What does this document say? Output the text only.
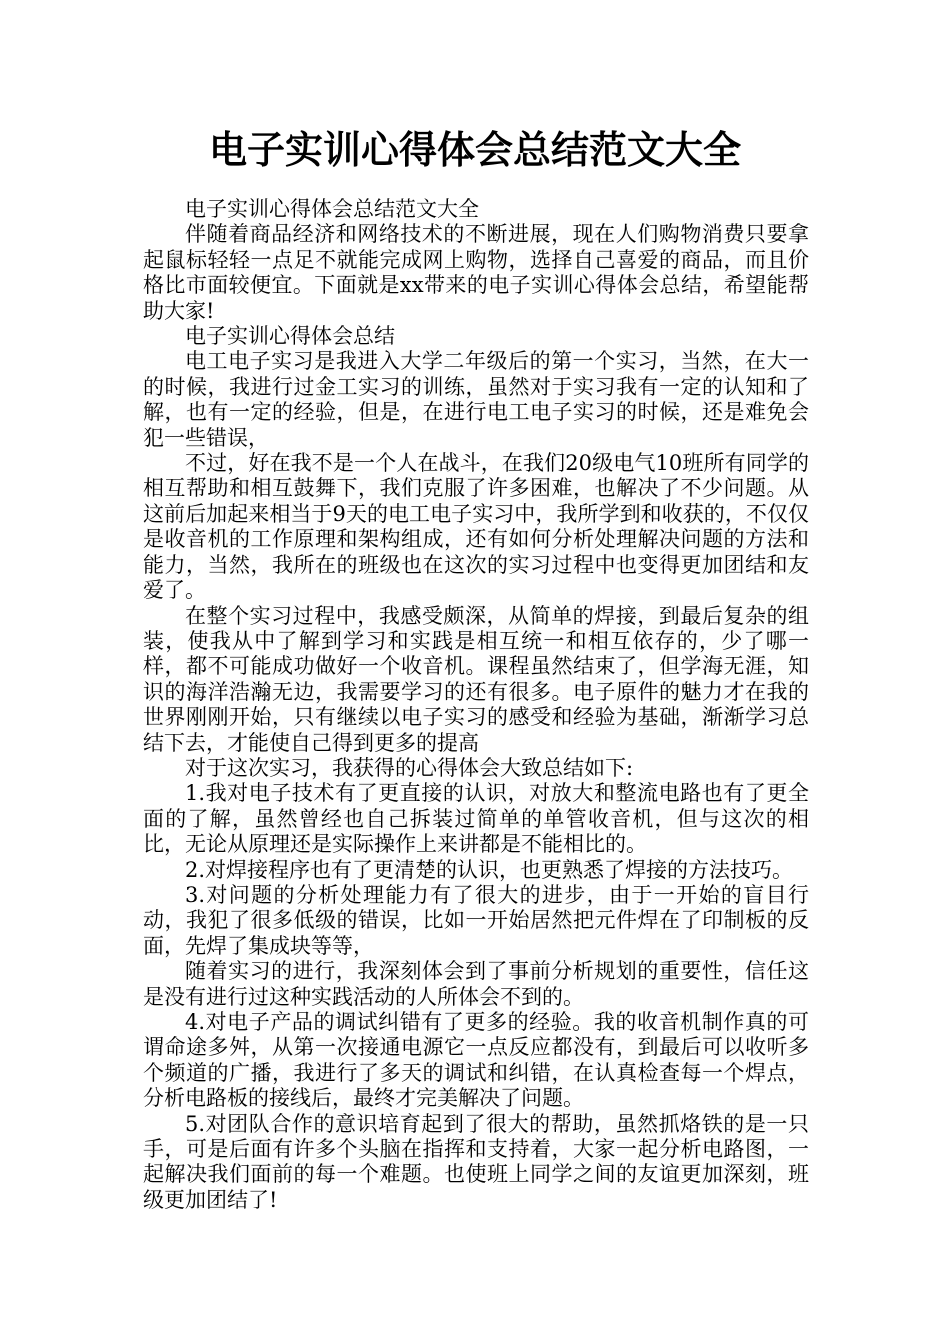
电子实训心得体会总结范文大全

电子实训心得体会总结范文大全

伴随着商品经济和网络技术的不断进展，现在人们购物消费只要拿起鼠标轻轻一点足不就能完成网上购物，选择自己喜爱的商品，而且价格比市面较便宜。下面就是xx带来的电子实训心得体会总结，希望能帮助大家!

电子实训心得体会总结

电工电子实习是我进入大学二年级后的第一个实习，当然，在大一的时候，我进行过金工实习的训练，虽然对于实习我有一定的认知和了解，也有一定的经验，但是，在进行电工电子实习的时候，还是难免会犯一些错误，

不过，好在我不是一个人在战斗，在我们20级电气10班所有同学的相互帮助和相互鼓舞下，我们克服了许多困难，也解决了不少问题。从这前后加起来相当于9天的电工电子实习中，我所学到和收获的，不仅仅是收音机的工作原理和架构组成，还有如何分析处理解决问题的方法和能力，当然，我所在的班级也在这次的实习过程中也变得更加团结和友爱了。

在整个实习过程中，我感受颇深，从简单的焊接，到最后复杂的组装，使我从中了解到学习和实践是相互统一和相互依存的，少了哪一样，都不可能成功做好一个收音机。课程虽然结束了，但学海无涯，知识的海洋浩瀚无边，我需要学习的还有很多。电子原件的魅力才在我的世界刚刚开始，只有继续以电子实习的感受和经验为基础，渐渐学习总结下去，才能使自己得到更多的提高

对于这次实习，我获得的心得体会大致总结如下:

1.我对电子技术有了更直接的认识，对放大和整流电路也有了更全面的了解，虽然曾经也自己拆装过简单的单管收音机，但与这次的相比，无论从原理还是实际操作上来讲都是不能相比的。

2.对焊接程序也有了更清楚的认识，也更熟悉了焊接的方法技巧。

3.对问题的分析处理能力有了很大的进步，由于一开始的盲目行动，我犯了很多低级的错误，比如一开始居然把元件焊在了印制板的反面，先焊了集成块等等，

随着实习的进行，我深刻体会到了事前分析规划的重要性，信任这是没有进行过这种实践活动的人所体会不到的。

4.对电子产品的调试纠错有了更多的经验。我的收音机制作真的可谓命途多舛，从第一次接通电源它一点反应都没有，到最后可以收听多个频道的广播，我进行了多天的调试和纠错，在认真检查每一个焊点，分析电路板的接线后，最终才完美解决了问题。

5.对团队合作的意识培育起到了很大的帮助，虽然抓烙铁的是一只手，可是后面有许多个头脑在指挥和支持着，大家一起分析电路图，一起解决我们面前的每一个难题。也使班上同学之间的友谊更加深刻，班级更加团结了!
